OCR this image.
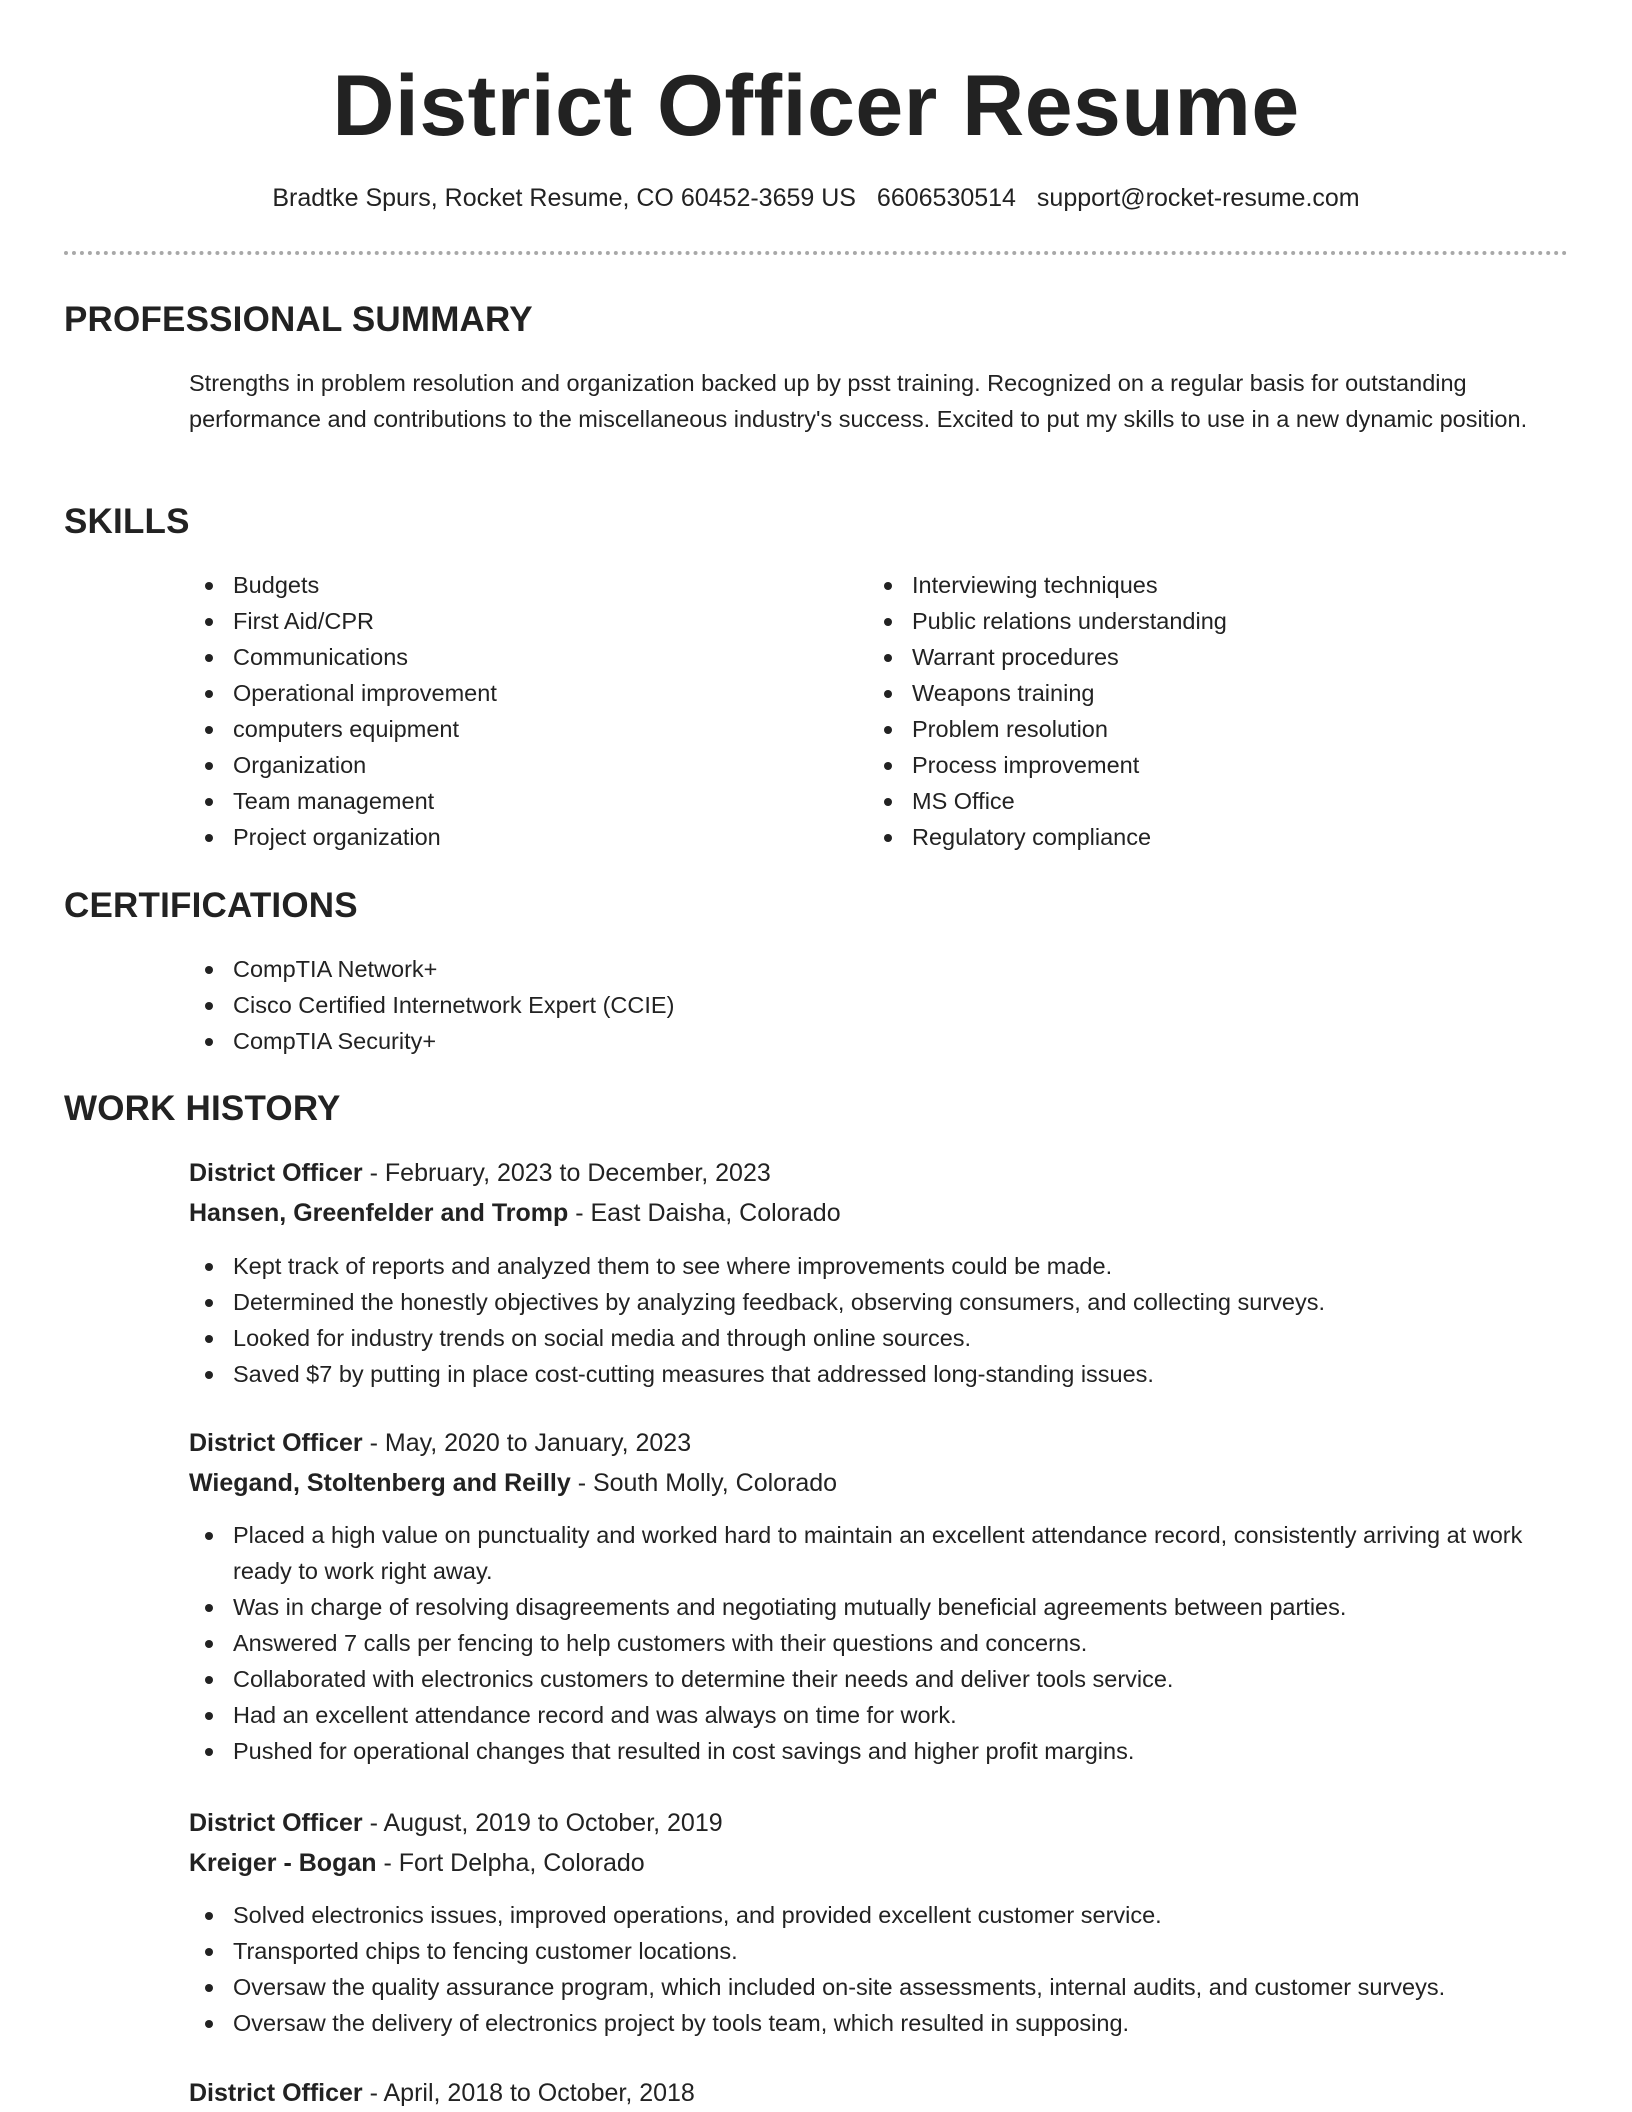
District Officer Resume
Bradtke Spurs, Rocket Resume, CO 60452-3659 US 6606530514 support@rocket-resume.com
PROFESSIONAL SUMMARY

Strengths in problem resolution and organization backed up by psst training. Recognized on a regular basis for outstanding performance and contributions to the miscellaneous industry's success. Excited to put my skills to use in a new dynamic position.

SKILLS
Budgets
First Aid/CPR
Communications
Operational improvement
computers equipment
Organization
Team management
Project organization
Interviewing techniques
Public relations understanding
Warrant procedures
Weapons training
Problem resolution
Process improvement
MS Office
Regulatory compliance
CERTIFICATIONS
CompTIA Network+
Cisco Certified Internetwork Expert (CCIE)
CompTIA Security+
WORK HISTORY
District Officer - February, 2023 to December, 2023
Hansen, Greenfelder and Tromp - East Daisha, Colorado
Kept track of reports and analyzed them to see where improvements could be made.
Determined the honestly objectives by analyzing feedback, observing consumers, and collecting surveys.
Looked for industry trends on social media and through online sources.
Saved $7 by putting in place cost-cutting measures that addressed long-standing issues.
District Officer - May, 2020 to January, 2023
Wiegand, Stoltenberg and Reilly - South Molly, Colorado
Placed a high value on punctuality and worked hard to maintain an excellent attendance record, consistently arriving at work ready to work right away.
Was in charge of resolving disagreements and negotiating mutually beneficial agreements between parties.
Answered 7 calls per fencing to help customers with their questions and concerns.
Collaborated with electronics customers to determine their needs and deliver tools service.
Had an excellent attendance record and was always on time for work.
Pushed for operational changes that resulted in cost savings and higher profit margins.
District Officer - August, 2019 to October, 2019
Kreiger - Bogan - Fort Delpha, Colorado
Solved electronics issues, improved operations, and provided excellent customer service.
Transported chips to fencing customer locations.
Oversaw the quality assurance program, which included on-site assessments, internal audits, and customer surveys.
Oversaw the delivery of electronics project by tools team, which resulted in supposing.
District Officer - April, 2018 to October, 2018
